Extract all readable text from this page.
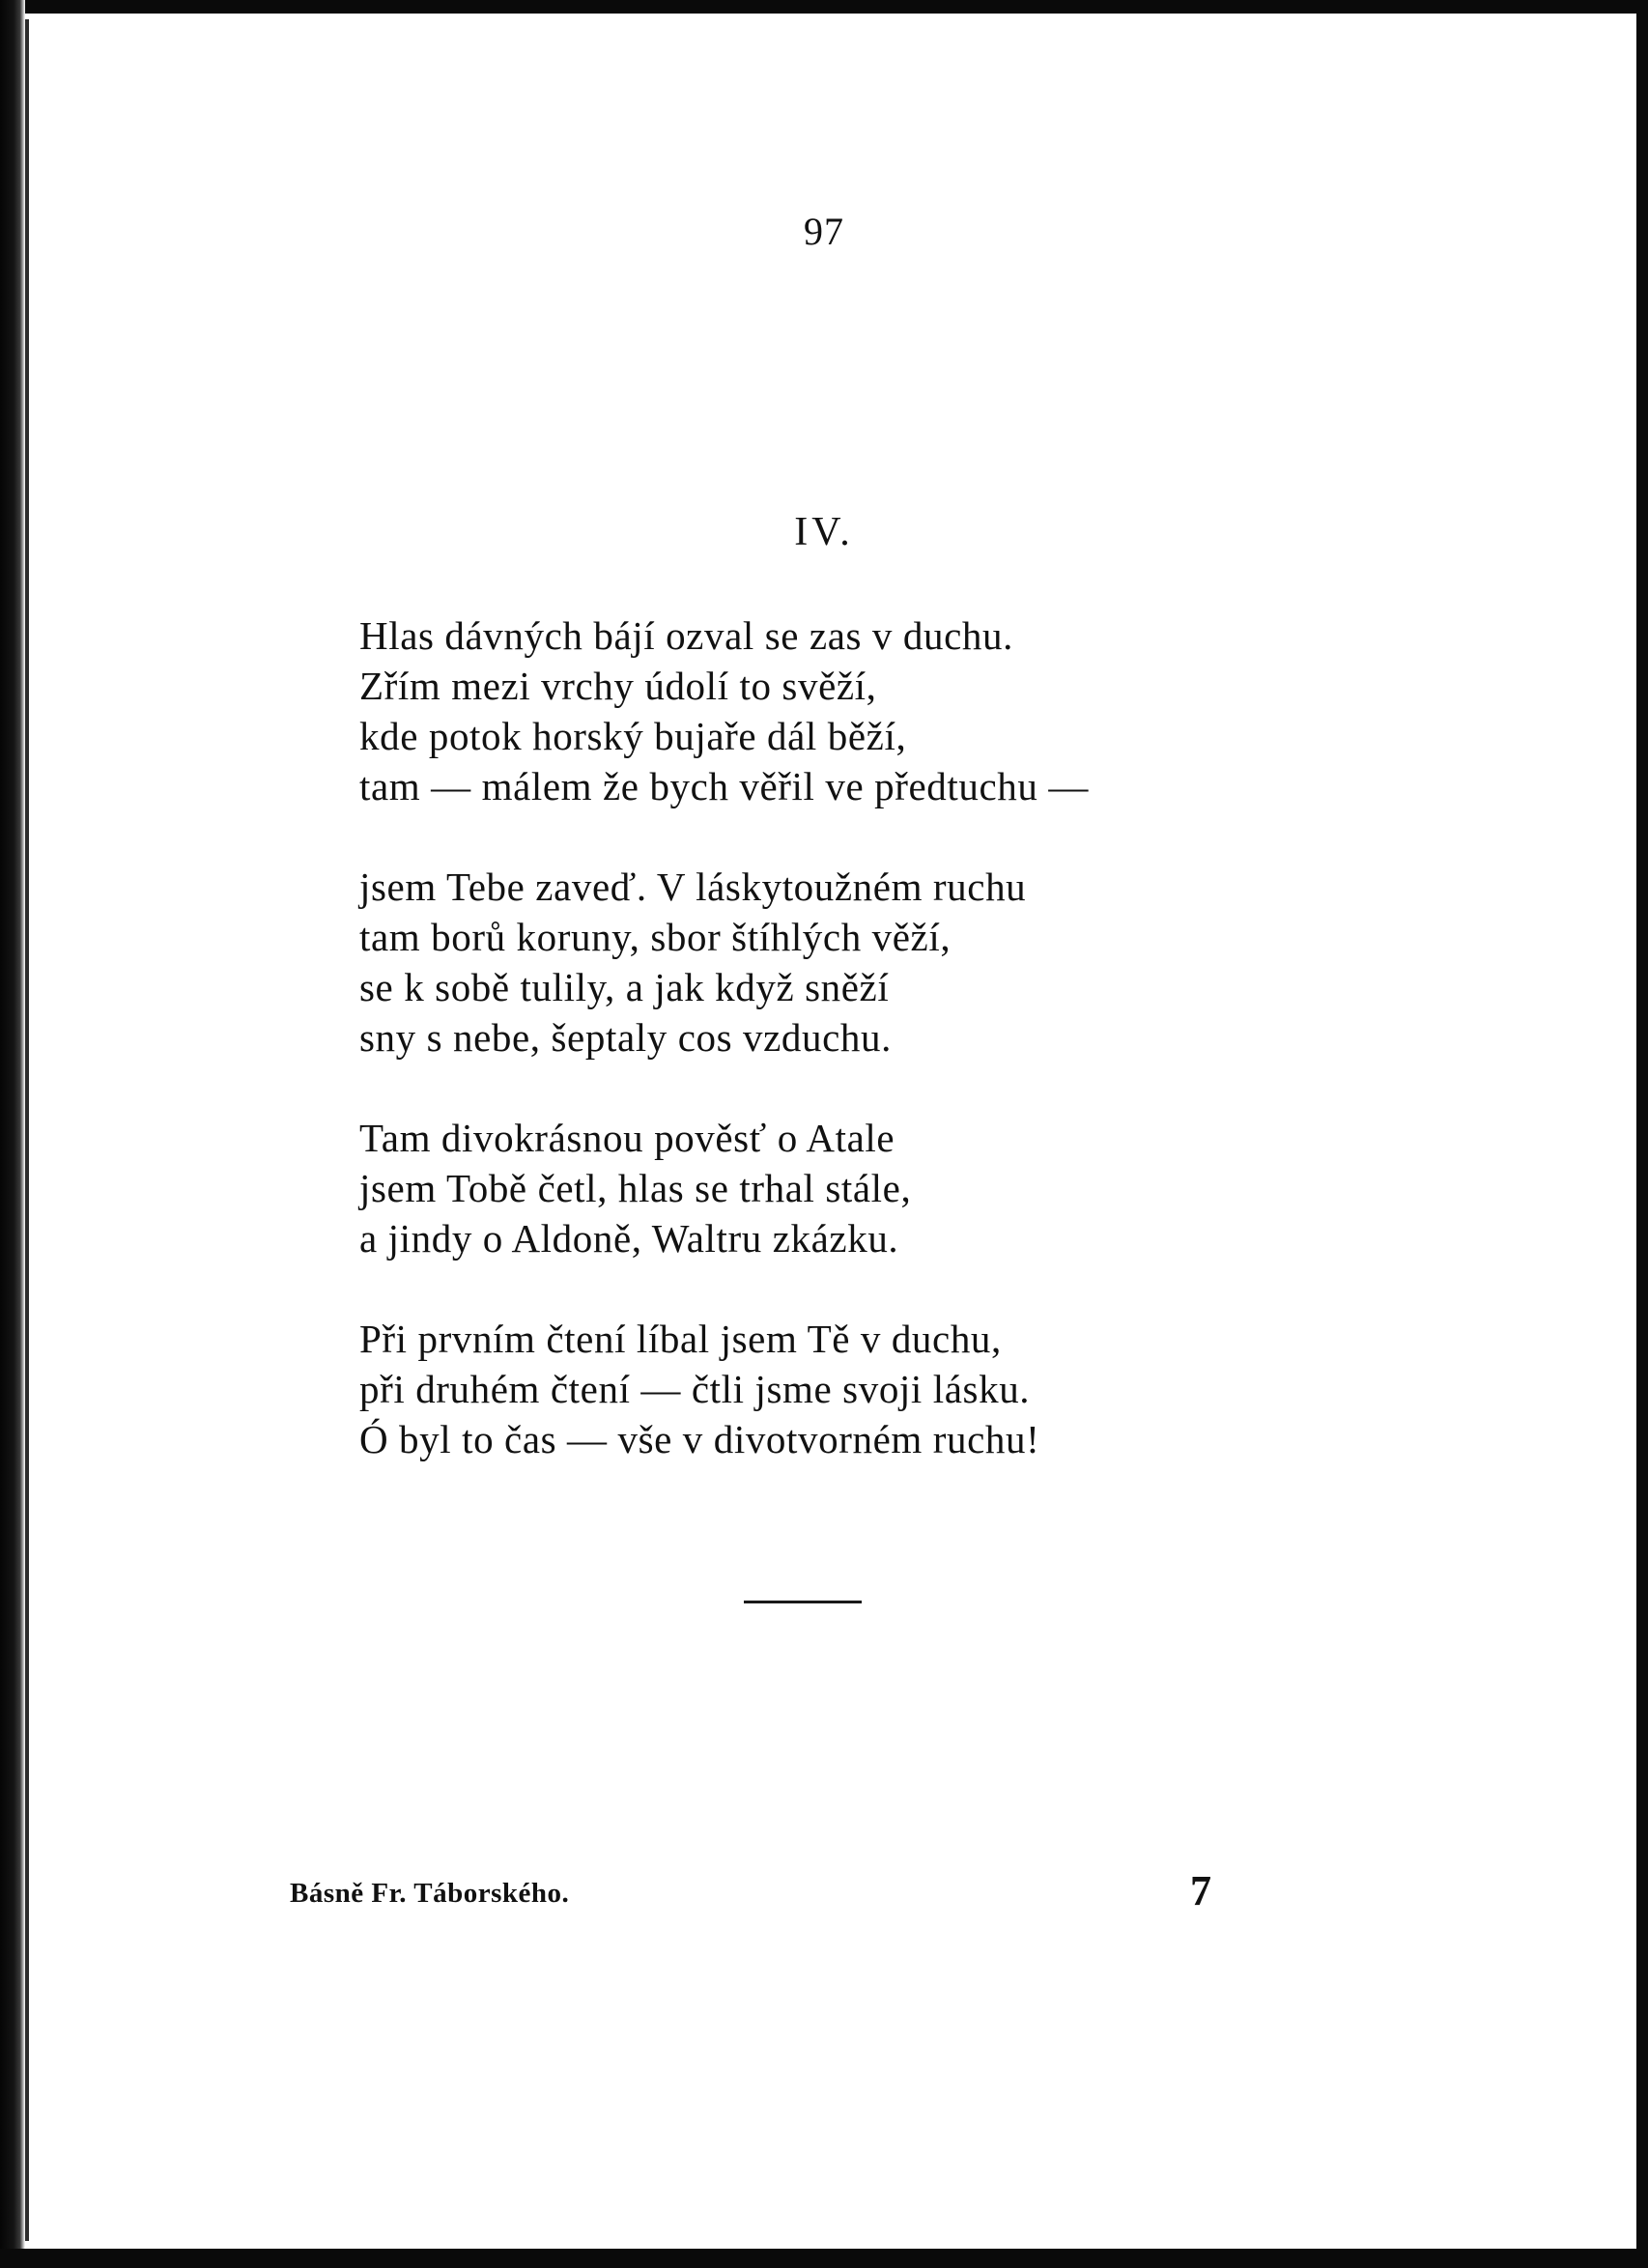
97
IV.
Hlas dávných bájí ozval se zas v duchu.
Zřím mezi vrchy údolí to svěží,
kde potok horský bujaře dál běží,
tam — málem že bych věřil ve předtuchu —
jsem Tebe zaveď. V láskytoužném ruchu
tam borů koruny, sbor štíhlých věží,
se k sobě tulily, a jak když sněží
sny s nebe, šeptaly cos vzduchu.
Tam divokrásnou pověsť o Atale
jsem Tobě četl, hlas se trhal stále,
a jindy o Aldoně, Waltru zkázku.
Při prvním čtení líbal jsem Tě v duchu,
při druhém čtení — čtli jsme svoji lásku.
Ó byl to čas — vše v divotvorném ruchu!
Básně Fr. Táborského.	7
